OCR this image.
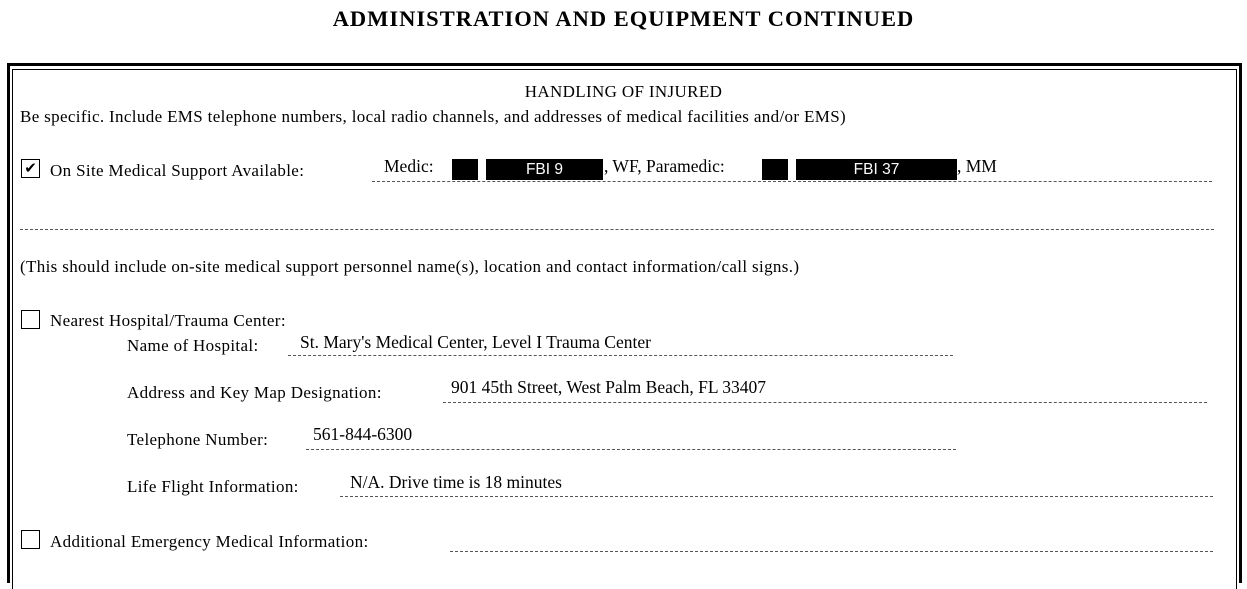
ADMINISTRATION AND EQUIPMENT CONTINUED
HANDLING OF INJURED
Be specific. Include EMS telephone numbers, local radio channels, and addresses of medical facilities and/or EMS)
✔ On Site Medical Support Available:	Medic:	FBI 9	, WF, Paramedic:	FBI 37	, MM
(This should include on-site medical support personnel name(s), location and contact information/call signs.)
Nearest Hospital/Trauma Center:
Name of Hospital: St. Mary's Medical Center, Level I Trauma Center
Address and Key Map Designation:	901 45th Street, West Palm Beach, FL 33407
Telephone Number:	561-844-6300
Life Flight Information:	N/A. Drive time is 18 minutes
Additional Emergency Medical Information:
